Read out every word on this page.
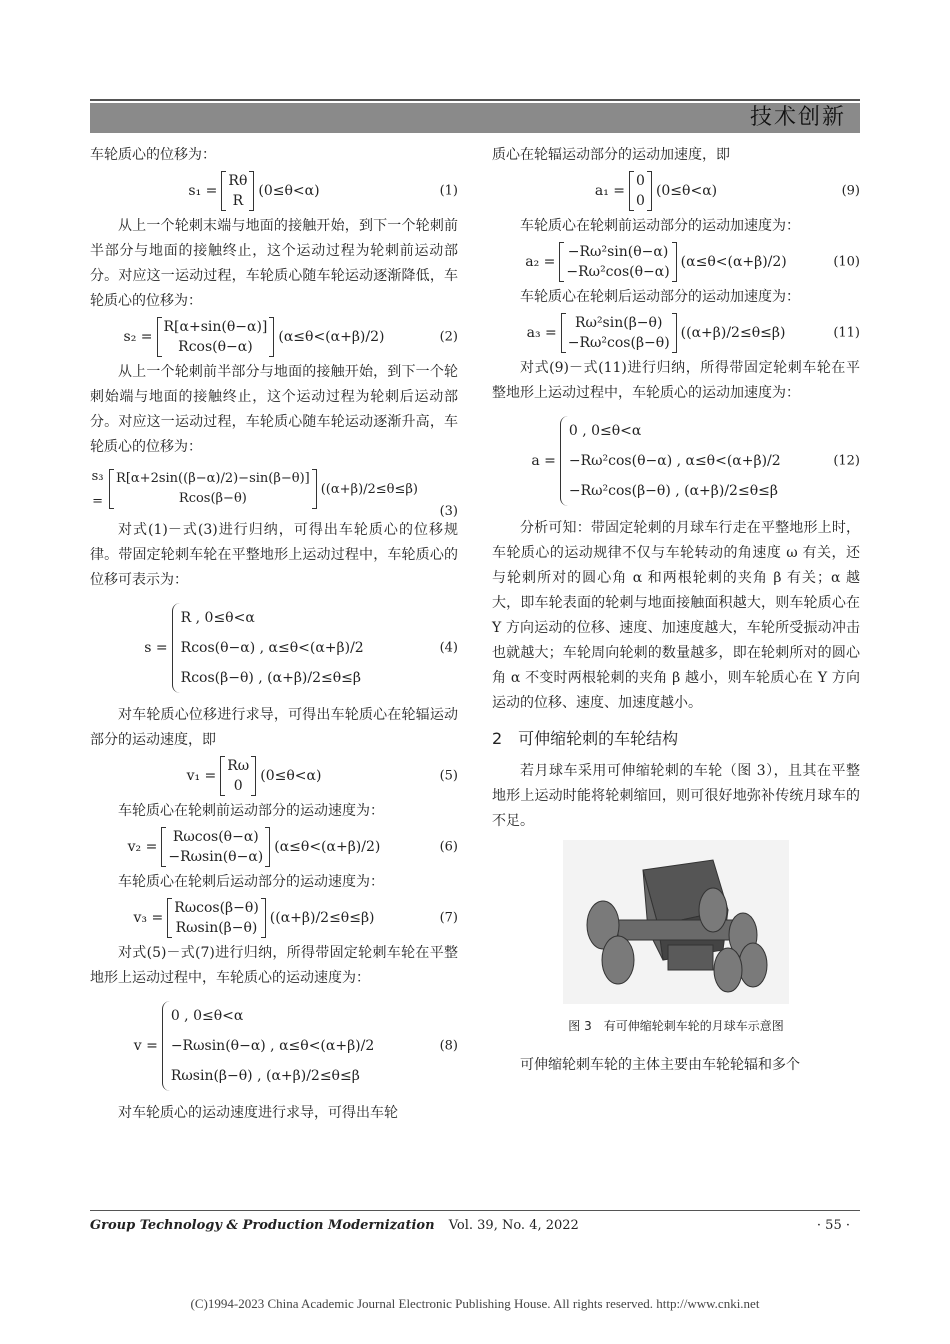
技术创新

车轮质心的位移为：

s₁ =
Rθ
R
(0≤θ<α)	(1)

从上一个轮刺末端与地面的接触开始，到下一个轮刺前半部分与地面的接触终止，这个运动过程为轮刺前运动部分。对应这一运动过程，车轮质心随车轮运动逐渐降低，车轮质心的位移为：

s₂ =
R[α+sin(θ−α)]
Rcos(θ−α)
(α≤θ<(α+β)/2)	(2)

从上一个轮刺前半部分与地面的接触开始，到下一个轮刺始端与地面的接触终止，这个运动过程为轮刺后运动部分。对应这一运动过程，车轮质心随车轮运动逐渐升高，车轮质心的位移为：

s₃ =
R[α+2sin((β−α)/2)−sin(β−θ)]
Rcos(β−θ)
((α+β)/2≤θ≤β)
(3)

对式(1)－式(3)进行归纳，可得出车轮质心的位移规律。带固定轮刺车轮在平整地形上运动过程中，车轮质心的位移可表示为：

s =
R , 0≤θ<α
Rcos(θ−α) , α≤θ<(α+β)/2
Rcos(β−θ) , (α+β)/2≤θ≤β
(4)

对车轮质心位移进行求导，可得出车轮质心在轮辐运动部分的运动速度，即

v₁ =
Rω
0
(0≤θ<α)	(5)

车轮质心在轮刺前运动部分的运动速度为：

v₂ =
Rωcos(θ−α)
−Rωsin(θ−α)
(α≤θ<(α+β)/2)	(6)

车轮质心在轮刺后运动部分的运动速度为：

v₃ =
Rωcos(β−θ)
Rωsin(β−θ)
((α+β)/2≤θ≤β)	(7)

对式(5)－式(7)进行归纳，所得带固定轮刺车轮在平整地形上运动过程中，车轮质心的运动速度为：

v =
0 , 0≤θ<α
−Rωsin(θ−α) , α≤θ<(α+β)/2
Rωsin(β−θ) , (α+β)/2≤θ≤β
(8)

对车轮质心的运动速度进行求导，可得出车轮

质心在轮辐运动部分的运动加速度，即

a₁ =
0
0
(0≤θ<α)	(9)

车轮质心在轮刺前运动部分的运动加速度为：

a₂ =
−Rω²sin(θ−α)
−Rω²cos(θ−α)
(α≤θ<(α+β)/2)	(10)

车轮质心在轮刺后运动部分的运动加速度为：

a₃ =
Rω²sin(β−θ)
−Rω²cos(β−θ)
((α+β)/2≤θ≤β)	(11)

对式(9)－式(11)进行归纳，所得带固定轮刺车轮在平整地形上运动过程中，车轮质心的运动加速度为：

a =
0 , 0≤θ<α
−Rω²cos(θ−α) , α≤θ<(α+β)/2
−Rω²cos(β−θ) , (α+β)/2≤θ≤β
(12)

分析可知：带固定轮刺的月球车行走在平整地形上时，车轮质心的运动规律不仅与车轮转动的角速度 ω 有关，还与轮刺所对的圆心角 α 和两根轮刺的夹角 β 有关；α 越大，即车轮表面的轮刺与地面接触面积越大，则车轮质心在 Y 方向运动的位移、速度、加速度越大，车轮所受振动冲击也就越大；车轮周向轮刺的数量越多，即在轮刺所对的圆心角 α 不变时两根轮刺的夹角 β 越小，则车轮质心在 Y 方向运动的位移、速度、加速度越小。

2　可伸缩轮刺的车轮结构

若月球车采用可伸缩轮刺的车轮（图 3），且其在平整地形上运动时能将轮刺缩回，则可很好地弥补传统月球车的不足。

图 3　有可伸缩轮刺车轮的月球车示意图

可伸缩轮刺车轮的主体主要由车轮轮辐和多个

Group Technology & Production Modernization Vol. 39, No. 4, 2022	· 55 ·
(C)1994-2023 China Academic Journal Electronic Publishing House. All rights reserved. http://www.cnki.net
